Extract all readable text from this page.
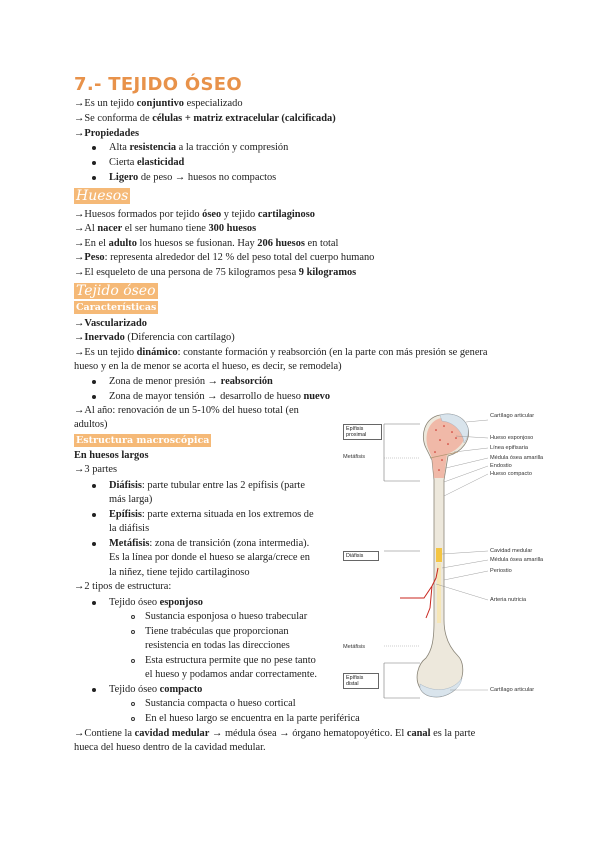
7.- TEJIDO ÓSEO
→Es un tejido conjuntivo especializado
→Se conforma de células + matriz extracelular (calcificada)
→Propiedades
Alta resistencia a la tracción y compresión
Cierta elasticidad
Ligero de peso → huesos no compactos
Huesos
→Huesos formados por tejido óseo y tejido cartilaginoso
→Al nacer el ser humano tiene 300 huesos
→En el adulto los huesos se fusionan. Hay 206 huesos en total
→Peso: representa alrededor del 12 % del peso total del cuerpo humano
→El esqueleto de una persona de 75 kilogramos pesa 9 kilogramos
Tejido óseo
Características
→Vascularizado
→Inervado (Diferencia con cartílago)
→Es un tejido dinámico: constante formación y reabsorción (en la parte con más presión se genera
hueso y en la de menor se acorta el hueso, es decir, se remodela)
Zona de menor presión → reabsorción
Zona de mayor tensión → desarrollo de hueso nuevo
→Al año: renovación de un 5-10% del hueso total (en
adultos)
Estructura macroscópica
En huesos largos
→3 partes
Diáfisis: parte tubular entre las 2 epífisis (parte
más larga)
Epífisis: parte externa situada en los extremos de
la diáfisis
Metáfisis: zona de transición (zona intermedia).
Es la línea por donde el hueso se alarga/crece en
la niñez, tiene tejido cartilaginoso
→2 tipos de estructura:
Tejido óseo esponjoso
Sustancia esponjosa o hueso trabecular
Tiene trabéculas que proporcionan
resistencia en todas las direcciones
Esta estructura permite que no pese tanto
el hueso y podamos andar correctamente.
Tejido óseo compacto
Sustancia compacta o hueso cortical
En el hueso largo se encuentra en la parte periférica
→Contiene la cavidad medular → médula ósea → órgano hematopoyético. El canal es la parte
hueca del hueso dentro de la cavidad medular.
Epífisis proximal
Diáfisis
Epífisis distal
Metáfisis
Metáfisis
Cartílago articular
Hueso esponjoso
Línea epifisaria
Médula ósea amarilla
Endostio
Hueso compacto
Cavidad medular
Médula ósea amarilla
Periostio
Arteria nutricia
Cartílago articular
